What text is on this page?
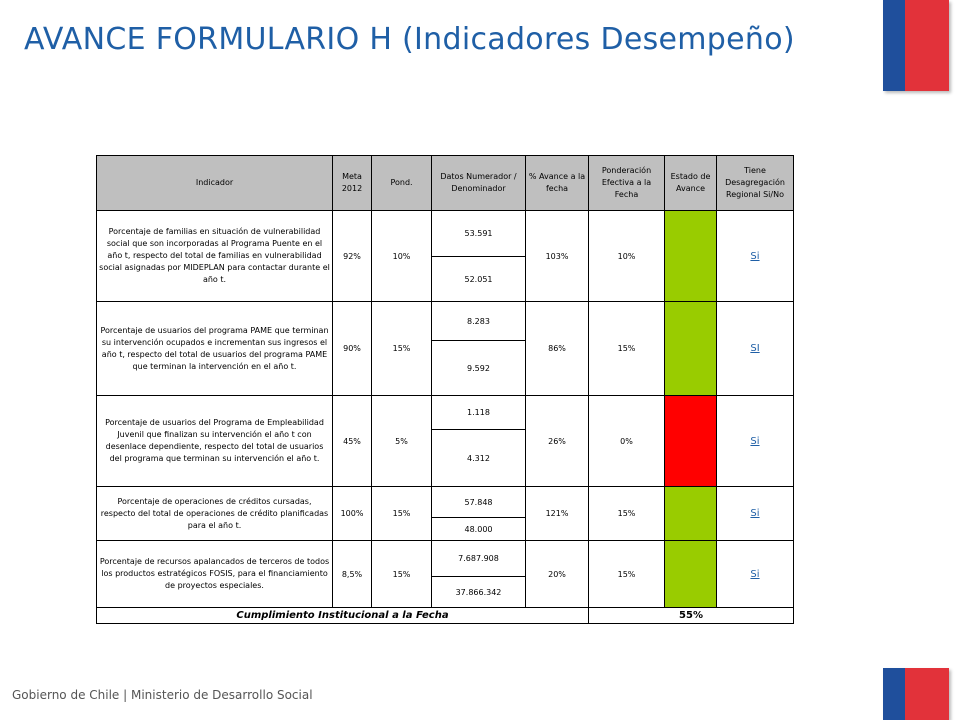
AVANCE FORMULARIO H (Indicadores Desempeño)
Indicador	Meta 2012	Pond.	Datos Numerador / Denominador	% Avance a la fecha	Ponderación Efectiva a la Fecha	Estado de Avance	Tiene Desagregación Regional Si/No
Porcentaje de familias en situación de vulnerabilidad social que son incorporadas al Programa Puente en el año t, respecto del total de familias en vulnerabilidad social asignadas por MIDEPLAN para contactar durante el año t.	92%	10%	53.591	103%	10%		Si
			52.051				
Porcentaje de usuarios del programa PAME que terminan su intervención ocupados e incrementan sus ingresos el año t, respecto del total de usuarios del programa PAME que terminan la intervención en el año t.	90%	15%	8.283	86%	15%		SI
			9.592				
Porcentaje de usuarios del Programa de Empleabilidad Juvenil que finalizan su intervención el año t con desenlace dependiente, respecto del total de usuarios del programa que terminan su intervención el año t.	45%	5%	1.118	26%	0%		Si
			4.312				
Porcentaje de operaciones de créditos cursadas, respecto del total de operaciones de crédito planificadas para el año t.	100%	15%	57.848	121%	15%		Si
			48.000				
Porcentaje de recursos apalancados de terceros de todos los productos estratégicos FOSIS, para el financiamiento de proyectos especiales.	8,5%	15%	7.687.908	20%	15%		Si
			37.866.342				
Cumplimiento Institucional a la Fecha					55%		
Gobierno de Chile | Ministerio de Desarrollo Social
